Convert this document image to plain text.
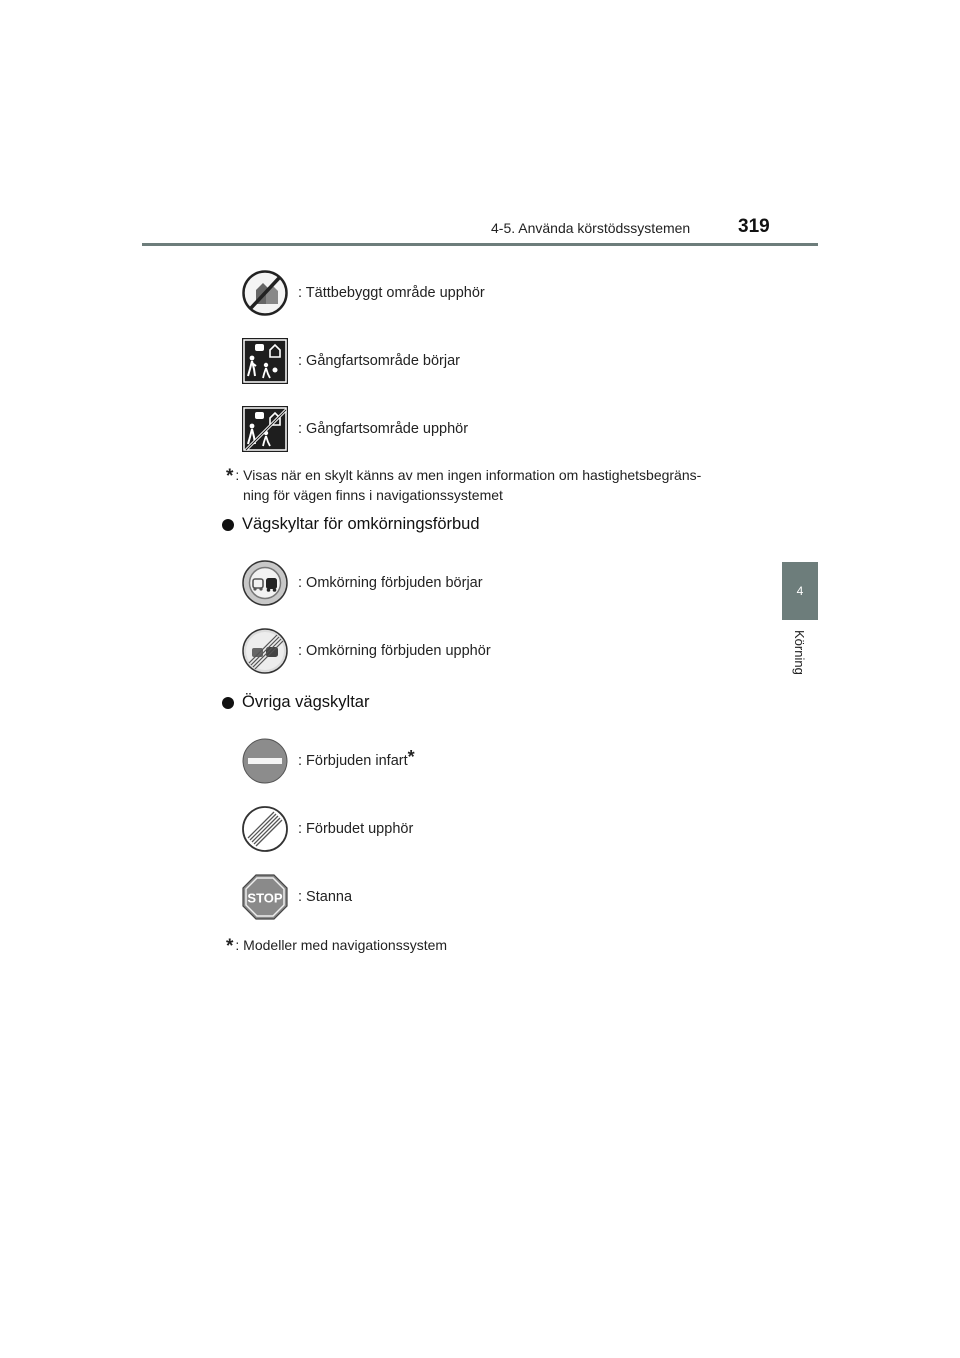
4-5. Använda körstödssystemen	319
4
Körning
: Tättbebyggt område upphör
: Gångfartsområde börjar
: Gångfartsområde upphör
* : Visas när en skylt känns av men ingen information om hastighetsbegräns-
ning för vägen finns i navigationssystemet
Vägskyltar för omkörningsförbud
: Omkörning förbjuden börjar
: Omkörning förbjuden upphör
Övriga vägskyltar
: Förbjuden infart*
: Förbudet upphör
STOP : Stanna
* : Modeller med navigationssystem
